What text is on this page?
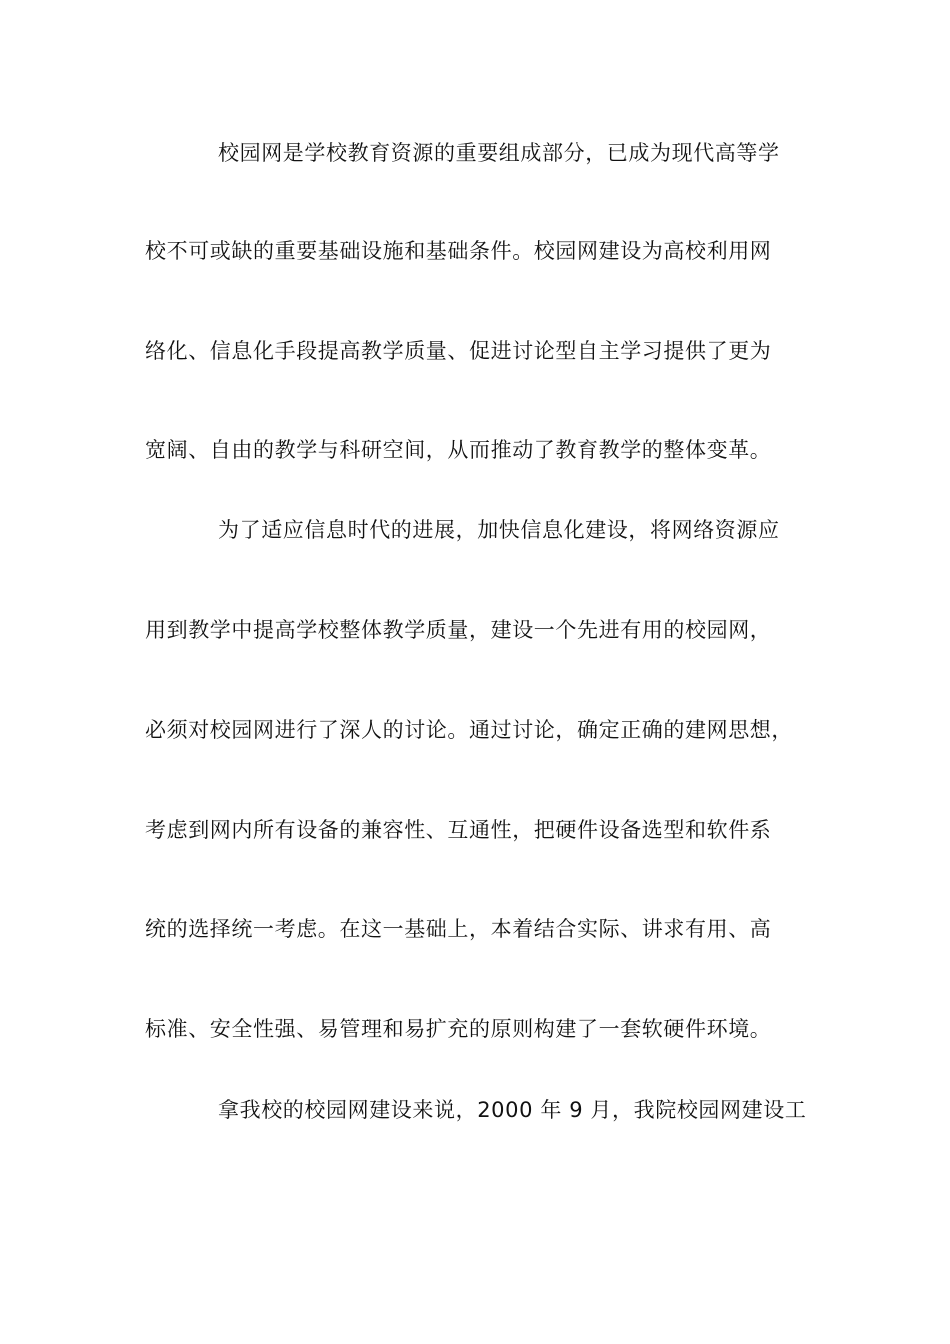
校园网是学校教育资源的重要组成部分，已成为现代高等学
校不可或缺的重要基础设施和基础条件。校园网建设为高校利用网
络化、信息化手段提高教学质量、促进讨论型自主学习提供了更为
宽阔、自由的教学与科研空间，从而推动了教育教学的整体变革。
为了适应信息时代的进展，加快信息化建设，将网络资源应
用到教学中提高学校整体教学质量，建设一个先进有用的校园网，
必须对校园网进行了深人的讨论。通过讨论，确定正确的建网思想，
考虑到网内所有设备的兼容性、互通性，把硬件设备选型和软件系
统的选择统一考虑。在这一基础上，本着结合实际、讲求有用、高
标准、安全性强、易管理和易扩充的原则构建了一套软硬件环境。
拿我校的校园网建设来说，2000 年 9 月，我院校园网建设工
